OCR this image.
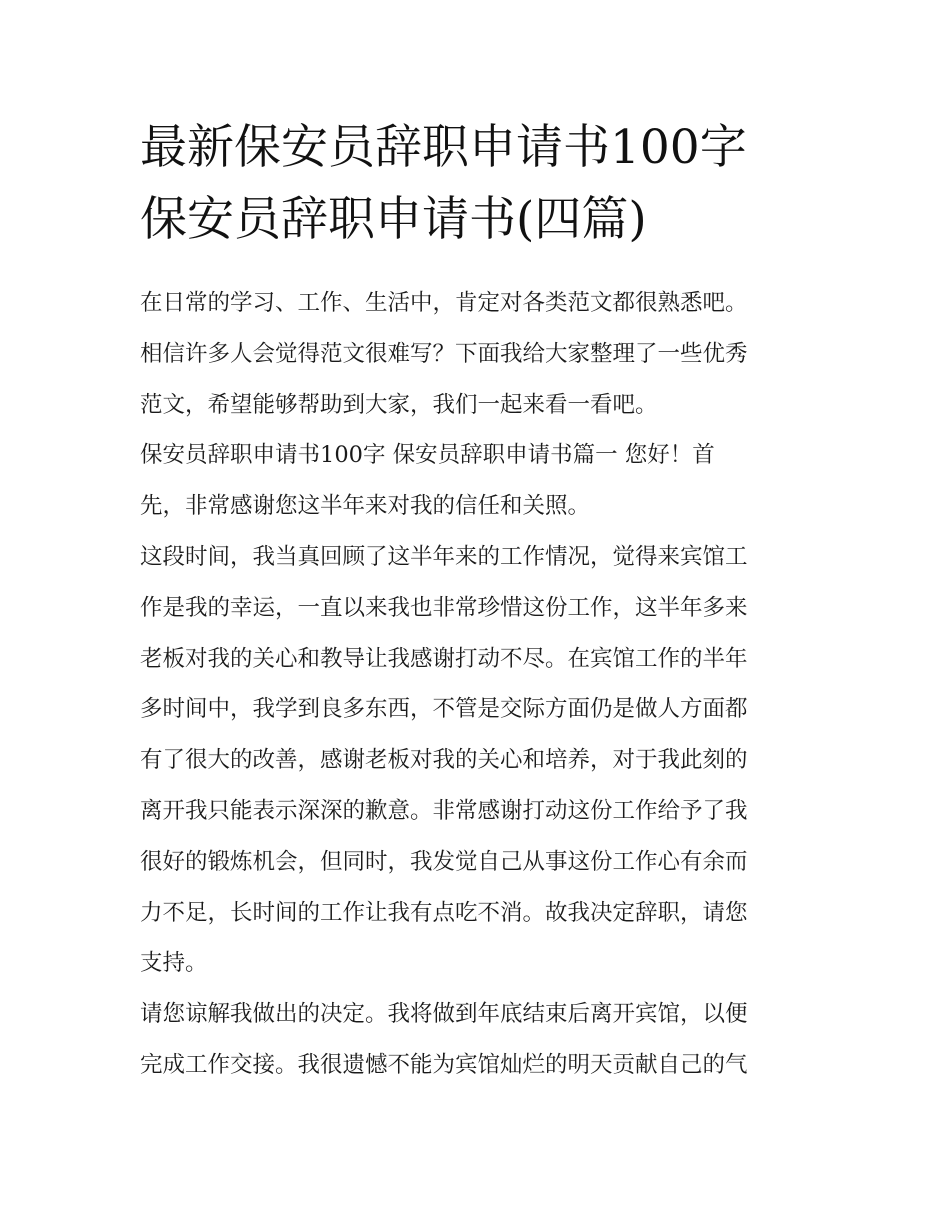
最新保安员辞职申请书100字
保安员辞职申请书(四篇)

在日常的学习、工作、生活中，肯定对各类范文都很熟悉吧。
相信许多人会觉得范文很难写？下面我给大家整理了一些优秀
范文，希望能够帮助到大家，我们一起来看一看吧。

保安员辞职申请书100字 保安员辞职申请书篇一 您好！首
先，非常感谢您这半年来对我的信任和关照。

这段时间，我当真回顾了这半年来的工作情况，觉得来宾馆工
作是我的幸运，一直以来我也非常珍惜这份工作，这半年多来
老板对我的关心和教导让我感谢打动不尽。在宾馆工作的半年
多时间中，我学到良多东西，不管是交际方面仍是做人方面都
有了很大的改善，感谢老板对我的关心和培养，对于我此刻的
离开我只能表示深深的歉意。非常感谢打动这份工作给予了我
很好的锻炼机会，但同时，我发觉自己从事这份工作心有余而
力不足，长时间的工作让我有点吃不消。故我决定辞职，请您
支持。

请您谅解我做出的决定。我将做到年底结束后离开宾馆，以便
完成工作交接。我很遗憾不能为宾馆灿烂的明天贡献自己的气
